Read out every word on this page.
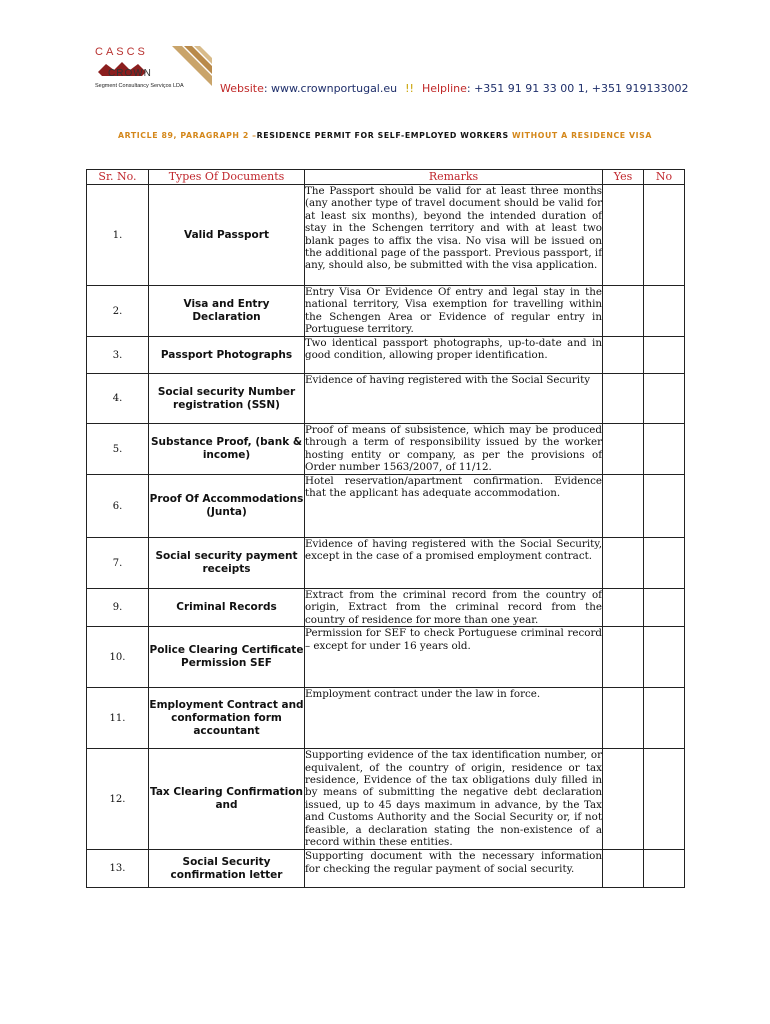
CASCS
CROWN
Segment Consultancy Serviços LDA	Website: www.crownportugal.eu !! Helpline: +351 91 91 33 00 1, +351 919133002
ARTICLE 89, PARAGRAPH 2 –RESIDENCE PERMIT FOR SELF-EMPLOYED WORKERS WITHOUT A RESIDENCE VISA
Sr. No.	Types Of Documents	Remarks	Yes	No
1.	Valid Passport	The Passport should be valid for at least three months (any another type of travel document should be valid for at least six months), beyond the intended duration of stay in the Schengen territory and with at least two blank pages to affix the visa. No visa will be issued on the additional page of the passport. Previous passport, if any, should also, be submitted with the visa application.		
2.	Visa and Entry Declaration	Entry Visa Or Evidence Of entry and legal stay in the national territory, Visa exemption for travelling within the Schengen Area or Evidence of regular entry in Portuguese territory.		
3.	Passport Photographs	Two identical passport photographs, up-to-date and in good condition, allowing proper identification.		
4.	Social security Number registration (SSN)	Evidence of having registered with the Social Security		
5.	Substance Proof, (bank & income)	Proof of means of subsistence, which may be produced through a term of responsibility issued by the worker hosting entity or company, as per the provisions of Order number 1563/2007, of 11/12.		
6.	Proof Of Accommodations (Junta)	Hotel reservation/apartment confirmation. Evidence that the applicant has adequate accommodation.		
7.	Social security payment receipts	Evidence of having registered with the Social Security, except in the case of a promised employment contract.		
9.	Criminal Records	Extract from the criminal record from the country of origin, Extract from the criminal record from the country of residence for more than one year.		
10.	Police Clearing Certificate Permission SEF	Permission for SEF to check Portuguese criminal record – except for under 16 years old.		
11.	Employment Contract and conformation form accountant	Employment contract under the law in force.		
12.	Tax Clearing Confirmation and	Supporting evidence of the tax identification number, or equivalent, of the country of origin, residence or tax residence, Evidence of the tax obligations duly filled in by means of submitting the negative debt declaration issued, up to 45 days maximum in advance, by the Tax and Customs Authority and the Social Security or, if not feasible, a declaration stating the non-existence of a record within these entities.		
13.	Social Security confirmation letter	Supporting document with the necessary information for checking the regular payment of social security.		
